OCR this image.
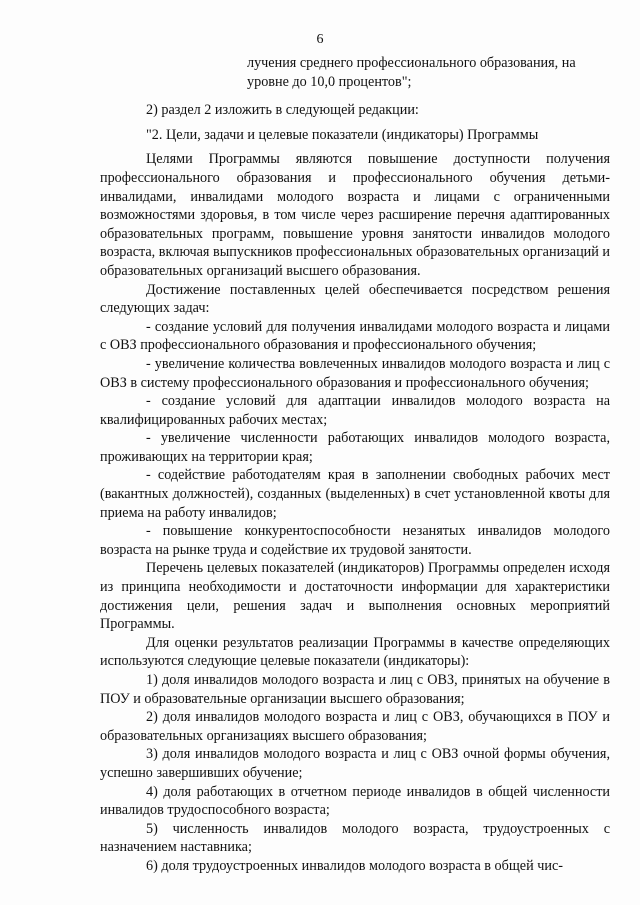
6

лучения среднего профессионального образования, на уровне до 10,0 процентов";

2) раздел 2 изложить в следующей редакции:

"2. Цели, задачи и целевые показатели (индикаторы) Программы

Целями Программы являются повышение доступности получения профессионального образования и профессионального обучения детьми-инвалидами, инвалидами молодого возраста и лицами с ограниченными возможностями здоровья, в том числе через расширение перечня адаптированных образовательных программ, повышение уровня занятости инвалидов молодого возраста, включая выпускников профессиональных образовательных организаций и образовательных организаций высшего образования.

Достижение поставленных целей обеспечивается посредством решения следующих задач:

- создание условий для получения инвалидами молодого возраста и лицами с ОВЗ профессионального образования и профессионального обучения;

- увеличение количества вовлеченных инвалидов молодого возраста и лиц с ОВЗ в систему профессионального образования и профессионального обучения;

- создание условий для адаптации инвалидов молодого возраста на квалифицированных рабочих местах;

- увеличение численности работающих инвалидов молодого возраста, проживающих на территории края;

- содействие работодателям края в заполнении свободных рабочих мест (вакантных должностей), созданных (выделенных) в счет установленной квоты для приема на работу инвалидов;

- повышение конкурентоспособности незанятых инвалидов молодого возраста на рынке труда и содействие их трудовой занятости.

Перечень целевых показателей (индикаторов) Программы определен исходя из принципа необходимости и достаточности информации для характеристики достижения цели, решения задач и выполнения основных мероприятий Программы.

Для оценки результатов реализации Программы в качестве определяющих используются следующие целевые показатели (индикаторы):

1) доля инвалидов молодого возраста и лиц с ОВЗ, принятых на обучение в ПОУ и образовательные организации высшего образования;

2) доля инвалидов молодого возраста и лиц с ОВЗ, обучающихся в ПОУ и образовательных организациях высшего образования;

3) доля инвалидов молодого возраста и лиц с ОВЗ очной формы обучения, успешно завершивших обучение;

4) доля работающих в отчетном периоде инвалидов в общей численности инвалидов трудоспособного возраста;

5) численность инвалидов молодого возраста, трудоустроенных с назначением наставника;

6) доля трудоустроенных инвалидов молодого возраста в общей чис-
